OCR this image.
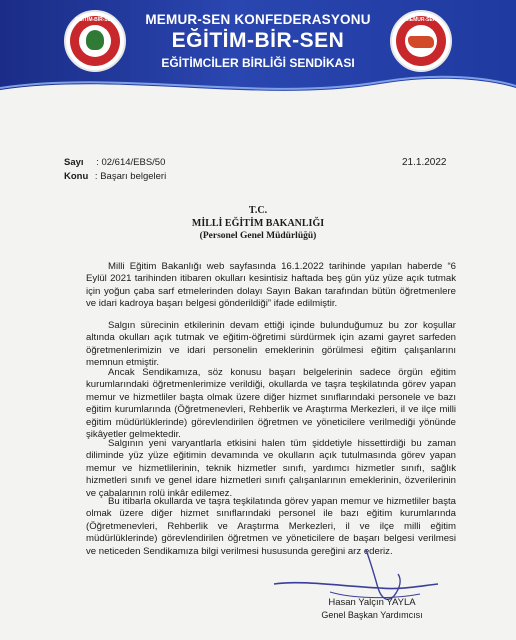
EĞİTİM-BİR-SEN	MEMUR-SEN KONFEDERASYONU
EĞİTİM-BİR-SEN
EĞİTİMCİLER BİRLİĞİ SENDİKASI
MEMUR-SEN
Sayı : 02/614/EBS/50
Konu : Başarı belgeleri
21.1.2022
T.C.
MİLLİ EĞİTİM BAKANLIĞI
(Personel Genel Müdürlüğü)
Milli Eğitim Bakanlığı web sayfasında 16.1.2022 tarihinde yapılan haberde “6 Eylül 2021 tarihinden itibaren okulları kesintisiz haftada beş gün yüz yüze açık tutmak için yoğun çaba sarf etmelerinden dolayı Sayın Bakan tarafından bütün öğretmenlere ve idari kadroya başarı belgesi gönderildiği” ifade edilmiştir.
Salgın sürecinin etkilerinin devam ettiği içinde bulunduğumuz bu zor koşullar altında okulları açık tutmak ve eğitim-öğretimi sürdürmek için azami gayret sarfeden öğretmenlerimizin ve idari personelin emeklerinin görülmesi eğitim çalışanlarını memnun etmiştir.
Ancak Sendikamıza, söz konusu başarı belgelerinin sadece örgün eğitim kurumlarındaki öğretmenlerimize verildiği, okullarda ve taşra teşkilatında görev yapan memur ve hizmetliler başta olmak üzere diğer hizmet sınıflarındaki personele ve bazı eğitim kurumlarında (Öğretmenevleri, Rehberlik ve Araştırma Merkezleri, il ve ilçe milli eğitim müdürlüklerinde) görevlendirilen öğretmen ve yöneticilere verilmediği yönünde şikâyetler gelmektedir.
Salgının yeni varyantlarla etkisini halen tüm şiddetiyle hissettirdiği bu zaman diliminde yüz yüze eğitimin devamında ve okulların açık tutulmasında görev yapan memur ve hizmetlilerinin, teknik hizmetler sınıfı, yardımcı hizmetler sınıfı, sağlık hizmetleri sınıfı ve genel idare hizmetleri sınıfı çalışanlarının emeklerinin, özverilerinin ve çabalarının rolü inkâr edilemez.
Bu itibarla okullarda ve taşra teşkilatında görev yapan memur ve hizmetliler başta olmak üzere diğer hizmet sınıflarındaki personel ile bazı eğitim kurumlarında (Öğretmenevleri, Rehberlik ve Araştırma Merkezleri, il ve ilçe milli eğitim müdürlüklerinde) görevlendirilen öğretmen ve yöneticilere de başarı belgesi verilmesi ve neticeden Sendikamıza bilgi verilmesi hususunda gereğini arz ederiz.
Hasan Yalçın YAYLA
Genel Başkan Yardımcısı
